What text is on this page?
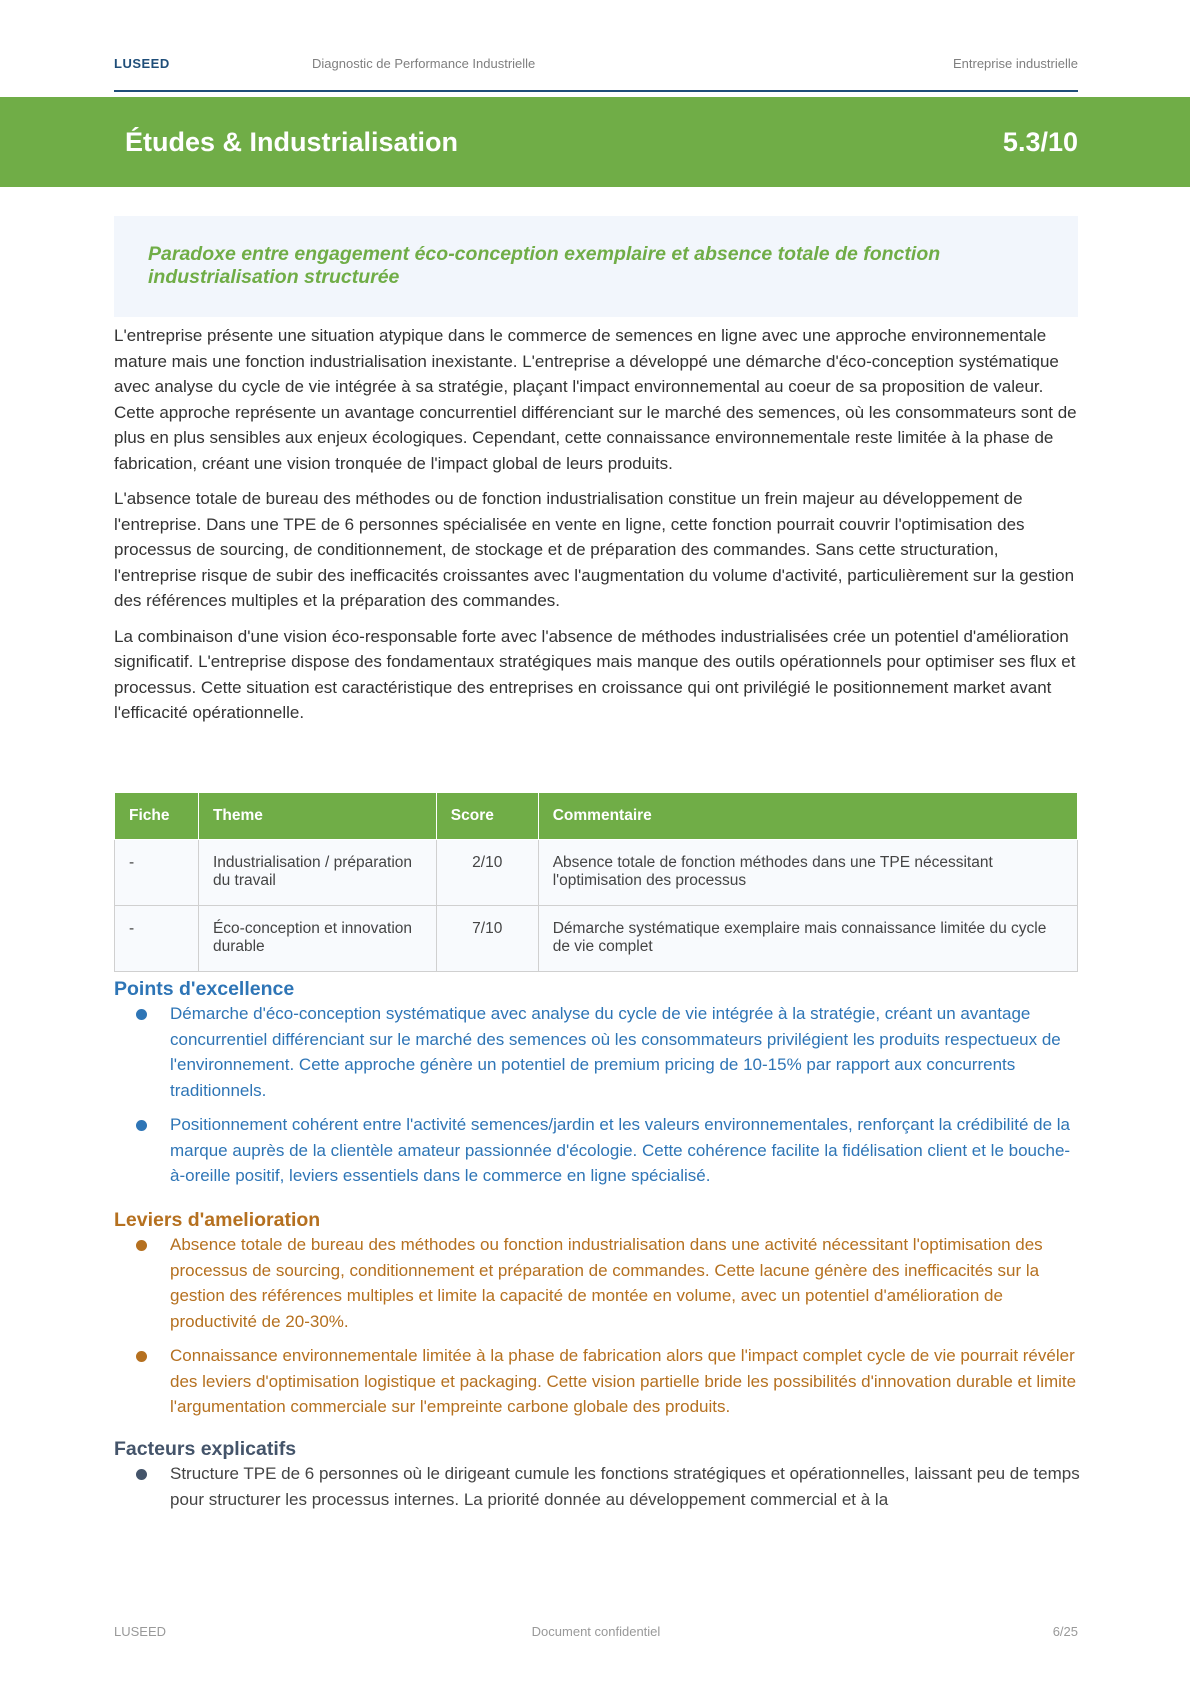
LUSEED	Diagnostic de Performance Industrielle	Entreprise industrielle
Études & Industrialisation	5.3/10
Paradoxe entre engagement éco-conception exemplaire et absence totale de fonction industrialisation structurée

L'entreprise présente une situation atypique dans le commerce de semences en ligne avec une approche environnementale mature mais une fonction industrialisation inexistante. L'entreprise a développé une démarche d'éco-conception systématique avec analyse du cycle de vie intégrée à sa stratégie, plaçant l'impact environnemental au coeur de sa proposition de valeur. Cette approche représente un avantage concurrentiel différenciant sur le marché des semences, où les consommateurs sont de plus en plus sensibles aux enjeux écologiques. Cependant, cette connaissance environnementale reste limitée à la phase de fabrication, créant une vision tronquée de l'impact global de leurs produits.

L'absence totale de bureau des méthodes ou de fonction industrialisation constitue un frein majeur au développement de l'entreprise. Dans une TPE de 6 personnes spécialisée en vente en ligne, cette fonction pourrait couvrir l'optimisation des processus de sourcing, de conditionnement, de stockage et de préparation des commandes. Sans cette structuration, l'entreprise risque de subir des inefficacités croissantes avec l'augmentation du volume d'activité, particulièrement sur la gestion des références multiples et la préparation des commandes.

La combinaison d'une vision éco-responsable forte avec l'absence de méthodes industrialisées crée un potentiel d'amélioration significatif. L'entreprise dispose des fondamentaux stratégiques mais manque des outils opérationnels pour optimiser ses flux et processus. Cette situation est caractéristique des entreprises en croissance qui ont privilégié le positionnement market avant l'efficacité opérationnelle.

Fiche	Theme	Score	Commentaire
-	Industrialisation / préparation du travail	2/10	Absence totale de fonction méthodes dans une TPE nécessitant l'optimisation des processus
-	Éco-conception et innovation durable	7/10	Démarche systématique exemplaire mais connaissance limitée du cycle de vie complet
Points d'excellence
Démarche d'éco-conception systématique avec analyse du cycle de vie intégrée à la stratégie, créant un avantage concurrentiel différenciant sur le marché des semences où les consommateurs privilégient les produits respectueux de l'environnement. Cette approche génère un potentiel de premium pricing de 10-15% par rapport aux concurrents traditionnels.
Positionnement cohérent entre l'activité semences/jardin et les valeurs environnementales, renforçant la crédibilité de la marque auprès de la clientèle amateur passionnée d'écologie. Cette cohérence facilite la fidélisation client et le bouche-à-oreille positif, leviers essentiels dans le commerce en ligne spécialisé.
Leviers d'amelioration
Absence totale de bureau des méthodes ou fonction industrialisation dans une activité nécessitant l'optimisation des processus de sourcing, conditionnement et préparation de commandes. Cette lacune génère des inefficacités sur la gestion des références multiples et limite la capacité de montée en volume, avec un potentiel d'amélioration de productivité de 20-30%.
Connaissance environnementale limitée à la phase de fabrication alors que l'impact complet cycle de vie pourrait révéler des leviers d'optimisation logistique et packaging. Cette vision partielle bride les possibilités d'innovation durable et limite l'argumentation commerciale sur l'empreinte carbone globale des produits.
Facteurs explicatifs
Structure TPE de 6 personnes où le dirigeant cumule les fonctions stratégiques et opérationnelles, laissant peu de temps pour structurer les processus internes. La priorité donnée au développement commercial et à la
LUSEED	Document confidentiel	6/25
